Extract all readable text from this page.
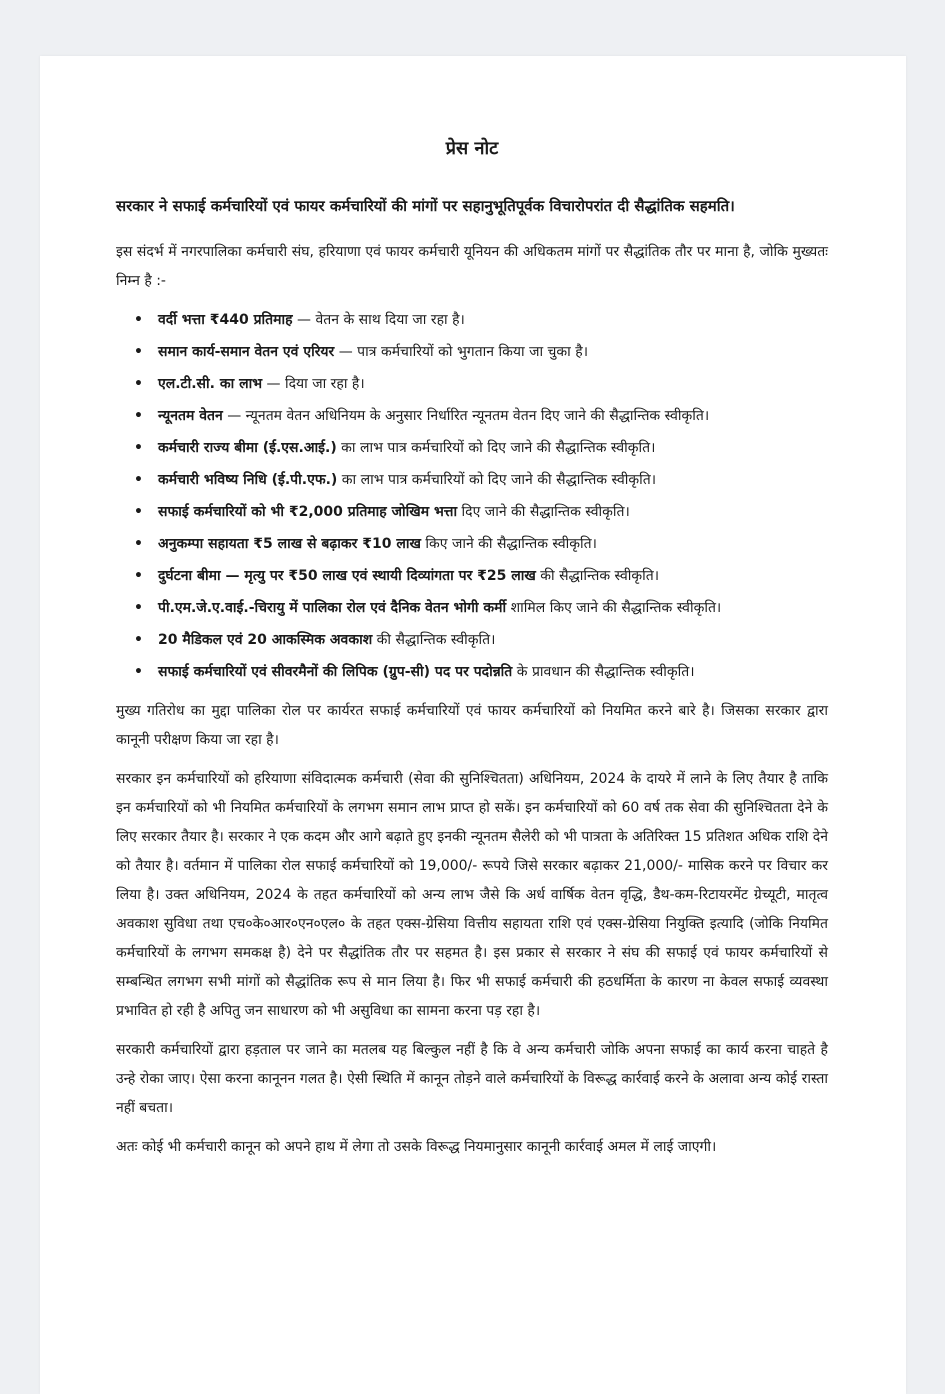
प्रेस नोट
सरकार ने सफाई कर्मचारियों एवं फायर कर्मचारियों की मांगों पर सहानुभूतिपूर्वक विचारोपरांत दी सैद्धांतिक सहमति।
इस संदर्भ में नगरपालिका कर्मचारी संघ, हरियाणा एवं फायर कर्मचारी यूनियन की अधिकतम मांगों पर सैद्धांतिक तौर पर माना है, जोकि मुख्यतः निम्न है :-
• वर्दी भत्ता ₹440 प्रतिमाह — वेतन के साथ दिया जा रहा है।
• समान कार्य-समान वेतन एवं एरियर — पात्र कर्मचारियों को भुगतान किया जा चुका है।
• एल.टी.सी. का लाभ — दिया जा रहा है।
• न्यूनतम वेतन — न्यूनतम वेतन अधिनियम के अनुसार निर्धारित न्यूनतम वेतन दिए जाने की सैद्धान्तिक स्वीकृति।
• कर्मचारी राज्य बीमा (ई.एस.आई.) का लाभ पात्र कर्मचारियों को दिए जाने की सैद्धान्तिक स्वीकृति।
• कर्मचारी भविष्य निधि (ई.पी.एफ.) का लाभ पात्र कर्मचारियों को दिए जाने की सैद्धान्तिक स्वीकृति।
• सफाई कर्मचारियों को भी ₹2,000 प्रतिमाह जोखिम भत्ता दिए जाने की सैद्धान्तिक स्वीकृति।
• अनुकम्पा सहायता ₹5 लाख से बढ़ाकर ₹10 लाख किए जाने की सैद्धान्तिक स्वीकृति।
• दुर्घटना बीमा — मृत्यु पर ₹50 लाख एवं स्थायी दिव्यांगता पर ₹25 लाख की सैद्धान्तिक स्वीकृति।
• पी.एम.जे.ए.वाई.-चिरायु में पालिका रोल एवं दैनिक वेतन भोगी कर्मी शामिल किए जाने की सैद्धान्तिक स्वीकृति।
• 20 मैडिकल एवं 20 आकस्मिक अवकाश की सैद्धान्तिक स्वीकृति।
• सफाई कर्मचारियों एवं सीवरमैनों की लिपिक (ग्रुप-सी) पद पर पदोन्नति के प्रावधान की सैद्धान्तिक स्वीकृति।
मुख्य गतिरोध का मुद्दा पालिका रोल पर कार्यरत सफाई कर्मचारियों एवं फायर कर्मचारियों को नियमित करने बारे है। जिसका सरकार द्वारा कानूनी परीक्षण किया जा रहा है।
सरकार इन कर्मचारियों को हरियाणा संविदात्मक कर्मचारी (सेवा की सुनिश्चितता) अधिनियम, 2024 के दायरे में लाने के लिए तैयार है ताकि इन कर्मचारियों को भी नियमित कर्मचारियों के लगभग समान लाभ प्राप्त हो सकें। इन कर्मचारियों को 60 वर्ष तक सेवा की सुनिश्चितता देने के लिए सरकार तैयार है। सरकार ने एक कदम और आगे बढ़ाते हुए इनकी न्यूनतम सैलेरी को भी पात्रता के अतिरिक्त 15 प्रतिशत अधिक राशि देने को तैयार है। वर्तमान में पालिका रोल सफाई कर्मचारियों को 19,000/- रूपये जिसे सरकार बढ़ाकर 21,000/- मासिक करने पर विचार कर लिया है। उक्त अधिनियम, 2024 के तहत कर्मचारियों को अन्य लाभ जैसे कि अर्ध वार्षिक वेतन वृद्धि, डैथ-कम-रिटायरमेंट ग्रेच्यूटी, मातृत्व अवकाश सुविधा तथा एच०के०आर०एन०एल० के तहत एक्स-ग्रेसिया वित्तीय सहायता राशि एवं एक्स-ग्रेसिया नियुक्ति इत्यादि (जोकि नियमित कर्मचारियों के लगभग समकक्ष है) देने पर सैद्धांतिक तौर पर सहमत है। इस प्रकार से सरकार ने संघ की सफाई एवं फायर कर्मचारियों से सम्बन्धित लगभग सभी मांगों को सैद्धांतिक रूप से मान लिया है। फिर भी सफाई कर्मचारी की हठधर्मिता के कारण ना केवल सफाई व्यवस्था प्रभावित हो रही है अपितु जन साधारण को भी असुविधा का सामना करना पड़ रहा है।
सरकारी कर्मचारियों द्वारा हड़ताल पर जाने का मतलब यह बिल्कुल नहीं है कि वे अन्य कर्मचारी जोकि अपना सफाई का कार्य करना चाहते है उन्हे रोका जाए। ऐसा करना कानूनन गलत है। ऐसी स्थिति में कानून तोड़ने वाले कर्मचारियों के विरूद्ध कार्रवाई करने के अलावा अन्य कोई रास्ता नहीं बचता।
अतः कोई भी कर्मचारी कानून को अपने हाथ में लेगा तो उसके विरूद्ध नियमानुसार कानूनी कार्रवाई अमल में लाई जाएगी।
